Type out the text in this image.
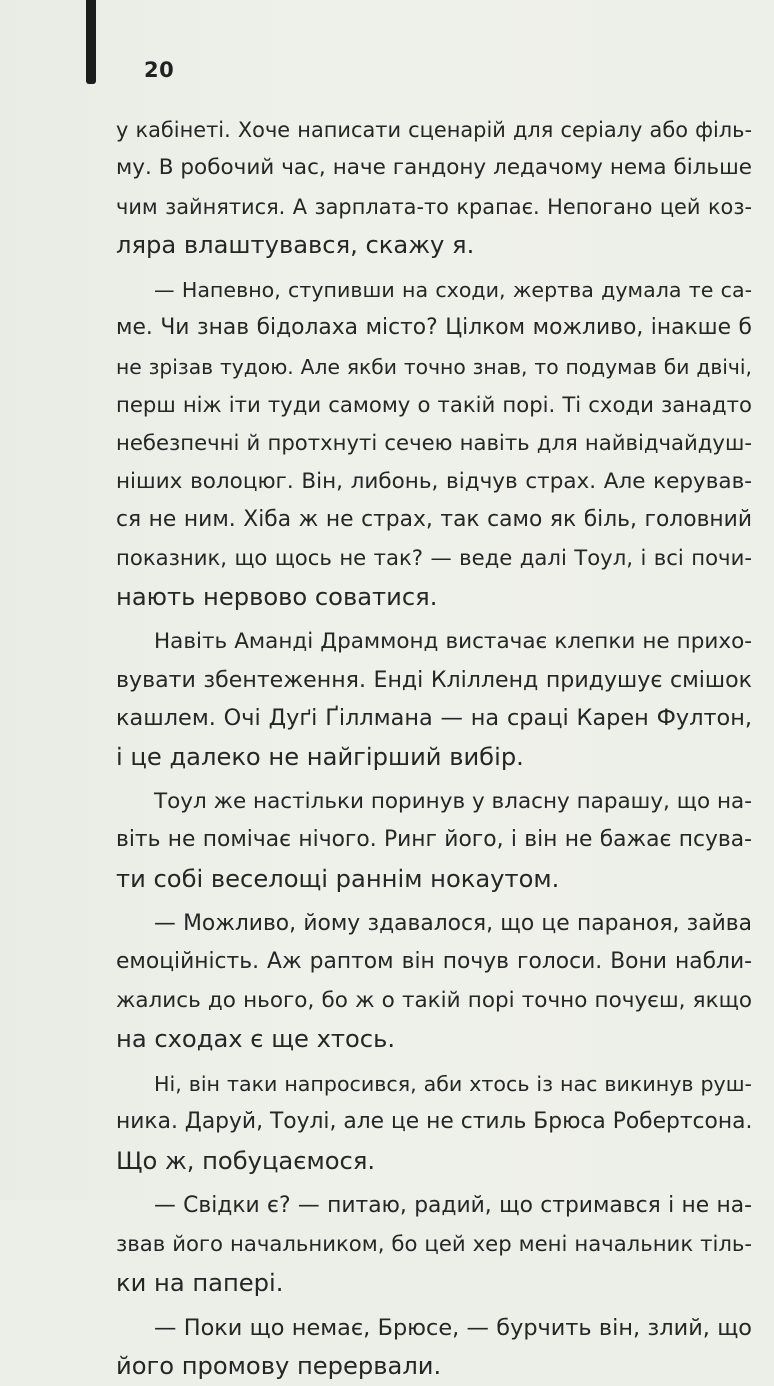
20
у кабінеті. Хоче написати сценарій для серіалу або філь-
му. В робочий час, наче гандону ледачому нема більше
чим зайнятися. А зарплата-то крапає. Непогано цей коз-
ляра влаштувався, скажу я.
— Напевно, ступивши на сходи, жертва думала те са-
ме. Чи знав бідолаха місто? Цілком можливо, інакше б
не зрізав тудою. Але якби точно знав, то подумав би двічі,
перш ніж іти туди самому о такій порі. Ті сходи занадто
небезпечні й протхнуті сечею навіть для найвідчайдуш-
ніших волоцюг. Він, либонь, відчув страх. Але керував-
ся не ним. Хіба ж не страх, так само як біль, головний
показник, що щось не так? — веде далі Тоул, і всі почи-
нають нервово соватися.
Навіть Аманді Драммонд вистачає клепки не прихо-
вувати збентеження. Енді Клілленд придушує смішок
кашлем. Очі Дуґі Ґіллмана — на сраці Карен Фултон,
і це далеко не найгірший вибір.
Тоул же настільки поринув у власну парашу, що на-
віть не помічає нічого. Ринг його, і він не бажає псува-
ти собі веселощі раннім нокаутом.
— Можливо, йому здавалося, що це параноя, зайва
емоційність. Аж раптом він почув голоси. Вони набли-
жались до нього, бо ж о такій порі точно почуєш, якщо
на сходах є ще хтось.
Ні, він таки напросився, аби хтось із нас викинув руш-
ника. Даруй, Тоулі, але це не стиль Брюса Робертсона.
Що ж, побуцаємося.
— Свідки є? — питаю, радий, що стримався і не на-
звав його начальником, бо цей хер мені начальник тіль-
ки на папері.
— Поки що немає, Брюсе, — бурчить він, злий, що
його промову перервали.
